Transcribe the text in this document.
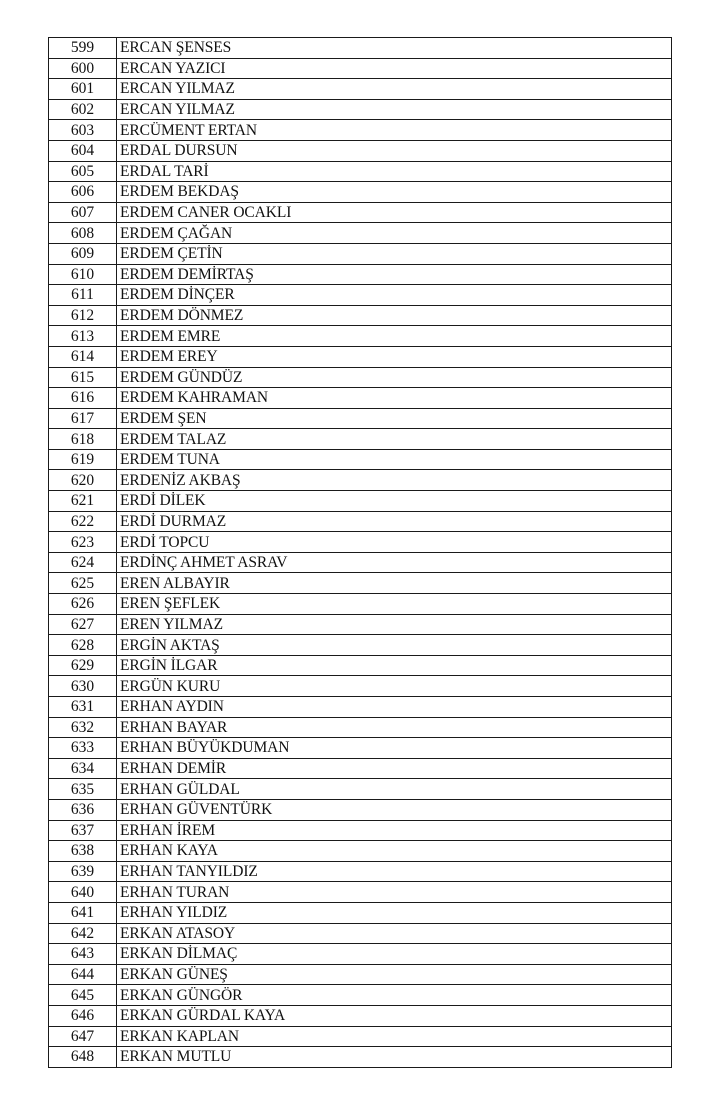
599	ERCAN ŞENSES
600	ERCAN YAZICI
601	ERCAN YILMAZ
602	ERCAN YILMAZ
603	ERCÜMENT ERTAN
604	ERDAL DURSUN
605	ERDAL TARİ
606	ERDEM BEKDAŞ
607	ERDEM CANER OCAKLI
608	ERDEM ÇAĞAN
609	ERDEM ÇETİN
610	ERDEM DEMİRTAŞ
611	ERDEM DİNÇER
612	ERDEM DÖNMEZ
613	ERDEM EMRE
614	ERDEM EREY
615	ERDEM GÜNDÜZ
616	ERDEM KAHRAMAN
617	ERDEM ŞEN
618	ERDEM TALAZ
619	ERDEM TUNA
620	ERDENİZ AKBAŞ
621	ERDİ DİLEK
622	ERDİ DURMAZ
623	ERDİ TOPCU
624	ERDİNÇ AHMET ASRAV
625	EREN ALBAYIR
626	EREN ŞEFLEK
627	EREN YILMAZ
628	ERGİN AKTAŞ
629	ERGİN İLGAR
630	ERGÜN KURU
631	ERHAN AYDIN
632	ERHAN BAYAR
633	ERHAN BÜYÜKDUMAN
634	ERHAN DEMİR
635	ERHAN GÜLDAL
636	ERHAN GÜVENTÜRK
637	ERHAN İREM
638	ERHAN KAYA
639	ERHAN TANYILDIZ
640	ERHAN TURAN
641	ERHAN YILDIZ
642	ERKAN ATASOY
643	ERKAN DİLMAÇ
644	ERKAN GÜNEŞ
645	ERKAN GÜNGÖR
646	ERKAN GÜRDAL KAYA
647	ERKAN KAPLAN
648	ERKAN MUTLU
